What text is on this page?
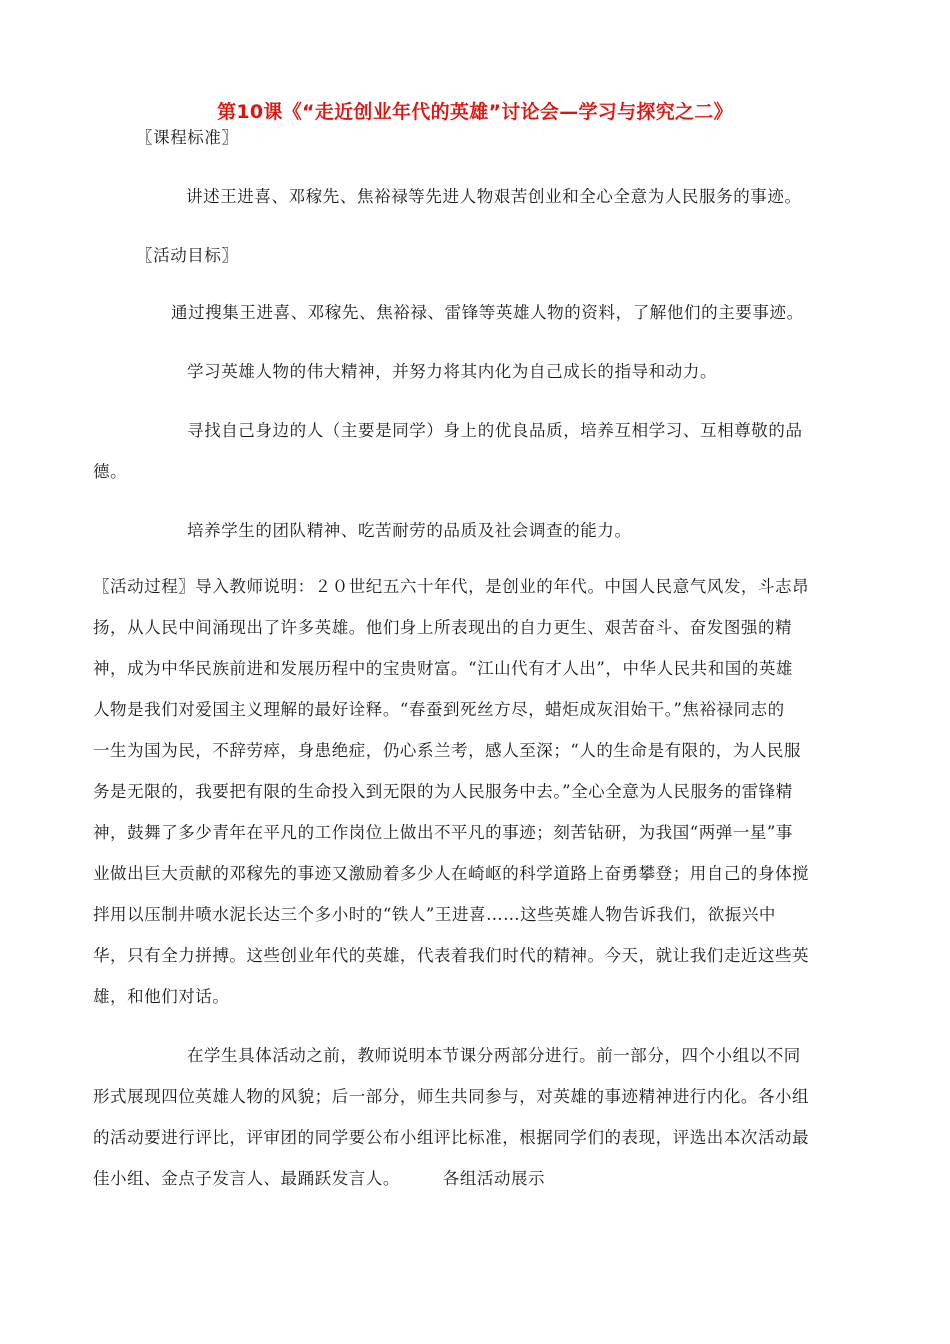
第10课《“走近创业年代的英雄”讨论会—学习与探究之二》
〖课程标准〗
讲述王进喜、邓稼先、焦裕禄等先进人物艰苦创业和全心全意为人民服务的事迹。
〖活动目标〗
通过搜集王进喜、邓稼先、焦裕禄、雷锋等英雄人物的资料，了解他们的主要事迹。
学习英雄人物的伟大精神，并努力将其内化为自己成长的指导和动力。
寻找自己身边的人（主要是同学）身上的优良品质，培养互相学习、互相尊敬的品
德。
培养学生的团队精神、吃苦耐劳的品质及社会调查的能力。
〖活动过程〗导入教师说明：２０世纪五六十年代，是创业的年代。中国人民意气风发，斗志昂
扬，从人民中间涌现出了许多英雄。他们身上所表现出的自力更生、艰苦奋斗、奋发图强的精
神，成为中华民族前进和发展历程中的宝贵财富。“江山代有才人出”，中华人民共和国的英雄
人物是我们对爱国主义理解的最好诠释。“春蚕到死丝方尽，蜡炬成灰泪始干。”焦裕禄同志的
一生为国为民，不辞劳瘁，身患绝症，仍心系兰考，感人至深；“人的生命是有限的，为人民服
务是无限的，我要把有限的生命投入到无限的为人民服务中去。”全心全意为人民服务的雷锋精
神，鼓舞了多少青年在平凡的工作岗位上做出不平凡的事迹；刻苦钻研，为我国“两弹一星”事
业做出巨大贡献的邓稼先的事迹又激励着多少人在崎岖的科学道路上奋勇攀登；用自己的身体搅
拌用以压制井喷水泥长达三个多小时的“铁人”王进喜……这些英雄人物告诉我们，欲振兴中
华，只有全力拼搏。这些创业年代的英雄，代表着我们时代的精神。今天，就让我们走近这些英
雄，和他们对话。
在学生具体活动之前，教师说明本节课分两部分进行。前一部分，四个小组以不同
形式展现四位英雄人物的风貌；后一部分，师生共同参与，对英雄的事迹精神进行内化。各小组
的活动要进行评比，评审团的同学要公布小组评比标准，根据同学们的表现，评选出本次活动最
佳小组、金点子发言人、最踊跃发言人。　　　各组活动展示
